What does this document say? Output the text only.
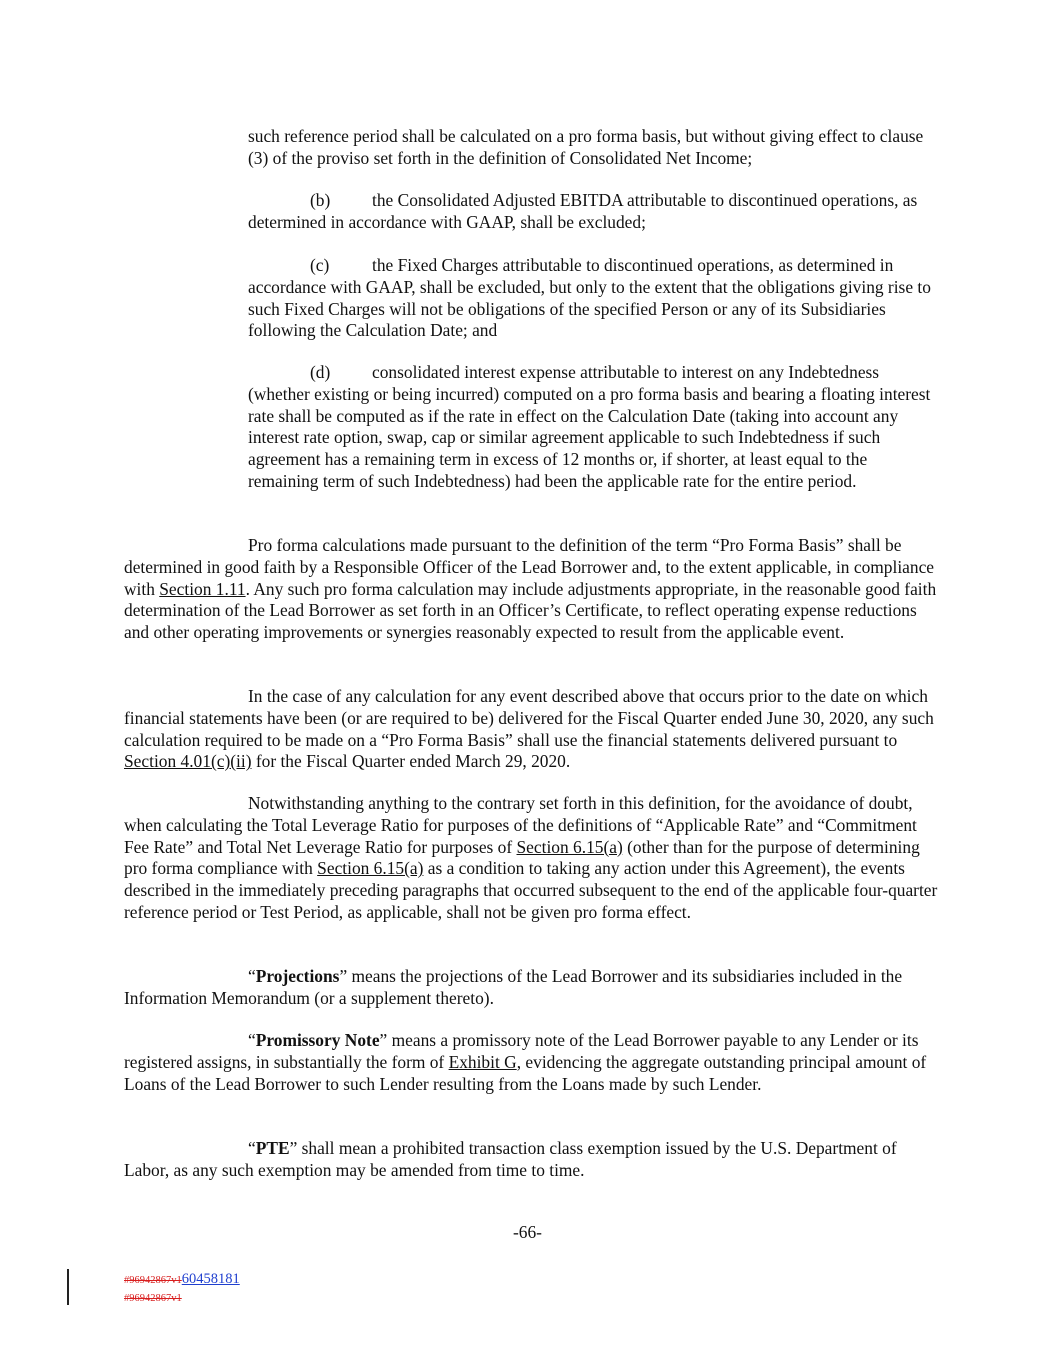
such reference period shall be calculated on a pro forma basis, but without giving effect to clause (3) of the proviso set forth in the definition of Consolidated Net Income;

(b) the Consolidated Adjusted EBITDA attributable to discontinued operations, as determined in accordance with GAAP, shall be excluded;

(c) the Fixed Charges attributable to discontinued operations, as determined in accordance with GAAP, shall be excluded, but only to the extent that the obligations giving rise to such Fixed Charges will not be obligations of the specified Person or any of its Subsidiaries following the Calculation Date; and

(d) consolidated interest expense attributable to interest on any Indebtedness (whether existing or being incurred) computed on a pro forma basis and bearing a floating interest rate shall be computed as if the rate in effect on the Calculation Date (taking into account any interest rate option, swap, cap or similar agreement applicable to such Indebtedness if such agreement has a remaining term in excess of 12 months or, if shorter, at least equal to the remaining term of such Indebtedness) had been the applicable rate for the entire period.

Pro forma calculations made pursuant to the definition of the term “Pro Forma Basis” shall be determined in good faith by a Responsible Officer of the Lead Borrower and, to the extent applicable, in compliance with Section 1.11. Any such pro forma calculation may include adjustments appropriate, in the reasonable good faith determination of the Lead Borrower as set forth in an Officer’s Certificate, to reflect operating expense reductions and other operating improvements or synergies reasonably expected to result from the applicable event.

In the case of any calculation for any event described above that occurs prior to the date on which financial statements have been (or are required to be) delivered for the Fiscal Quarter ended June 30, 2020, any such calculation required to be made on a “Pro Forma Basis” shall use the financial statements delivered pursuant to Section 4.01(c)(ii) for the Fiscal Quarter ended March 29, 2020.

Notwithstanding anything to the contrary set forth in this definition, for the avoidance of doubt, when calculating the Total Leverage Ratio for purposes of the definitions of “Applicable Rate” and “Commitment Fee Rate” and Total Net Leverage Ratio for purposes of Section 6.15(a) (other than for the purpose of determining pro forma compliance with Section 6.15(a) as a condition to taking any action under this Agreement), the events described in the immediately preceding paragraphs that occurred subsequent to the end of the applicable four-quarter reference period or Test Period, as applicable, shall not be given pro forma effect.

“Projections” means the projections of the Lead Borrower and its subsidiaries included in the Information Memorandum (or a supplement thereto).

“Promissory Note” means a promissory note of the Lead Borrower payable to any Lender or its registered assigns, in substantially the form of Exhibit G, evidencing the aggregate outstanding principal amount of Loans of the Lead Borrower to such Lender resulting from the Loans made by such Lender.

“PTE” shall mean a prohibited transaction class exemption issued by the U.S. Department of Labor, as any such exemption may be amended from time to time.

-66-
#96942867v160458181
#96942867v1
